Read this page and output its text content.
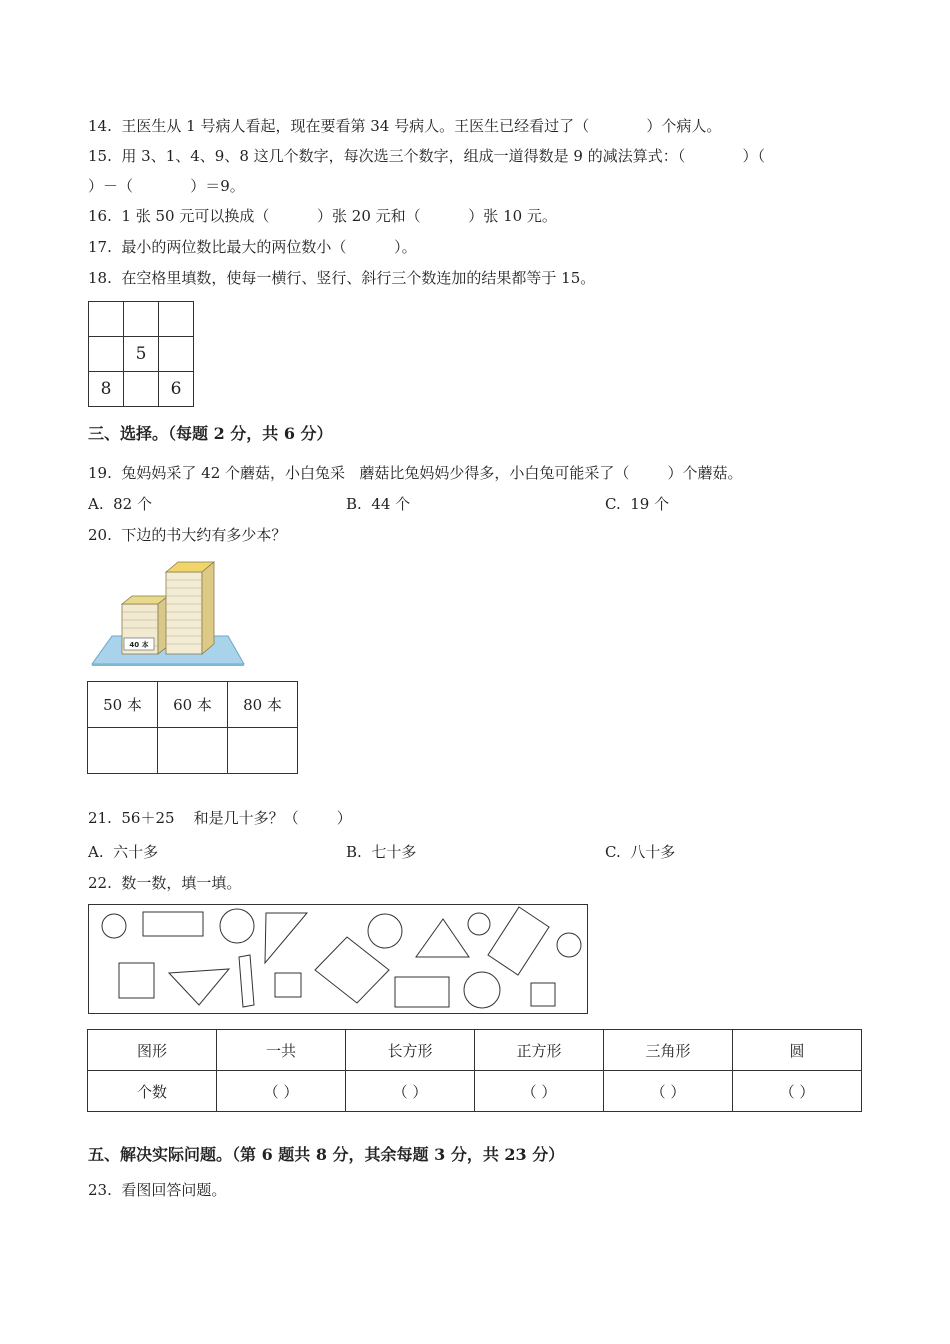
14.  王医生从 1 号病人看起，现在要看第 34 号病人。王医生已经看过了（            ）个病人。
15.  用 3、1、4、9、8 这几个数字，每次选三个数字，组成一道得数是 9 的减法算式：（            ）（
）－（            ）＝9。
16.  1 张 50 元可以换成（          ）张 20 元和（          ）张 10 元。
17.  最小的两位数比最大的两位数小（          ）。
18.  在空格里填数，使每一横行、竖行、斜行三个数连加的结果都等于 15。

	5	
8		6
三、选择。（每题 2 分，共 6 分）
19.  兔妈妈采了 42 个蘑菇，小白兔采   蘑菇比兔妈妈少得多，小白兔可能采了（        ）个蘑菇。
A.  82 个	B.  44 个	C.  19 个
20.  下边的书大约有多少本？
40 本
50 本	60 本	80 本

21.  56＋25    和是几十多？（        ）
A.  六十多	B.  七十多	C.  八十多
22.  数一数，填一填。
图形	一共	长方形	正方形	三角形	圆
个数	（ ）	（ ）	（ ）	（ ）	（ ）
五、解决实际问题。（第 6 题共 8 分，其余每题 3 分，共 23 分）
23.  看图回答问题。
